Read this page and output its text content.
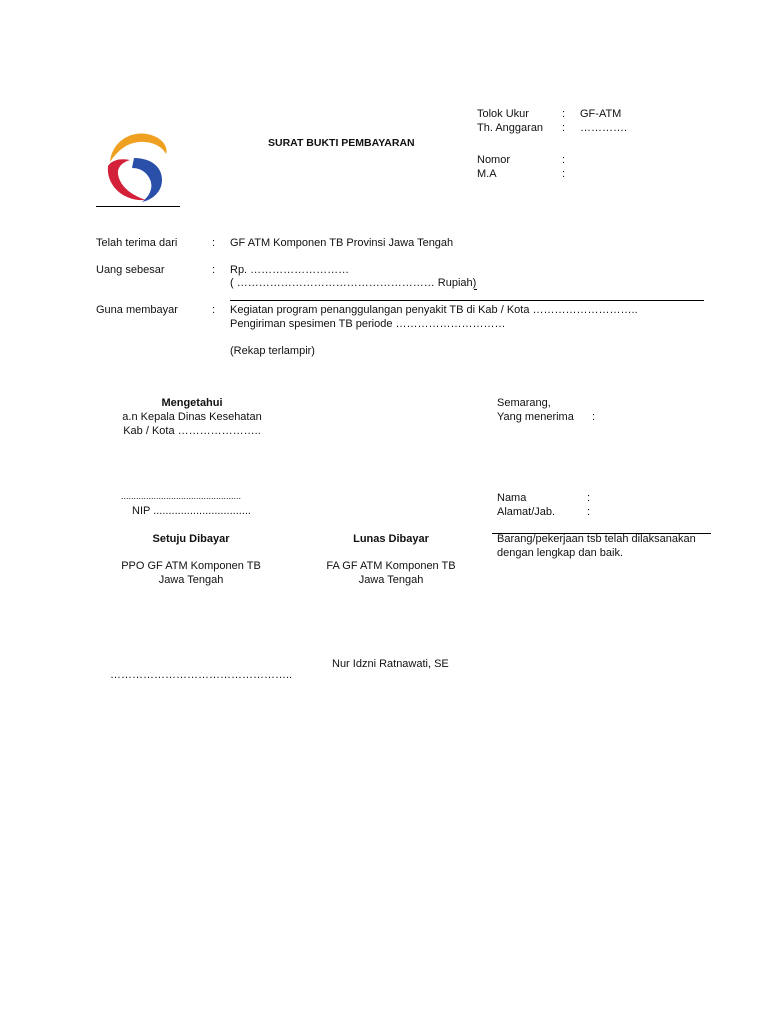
SURAT BUKTI PEMBAYARAN
Tolok Ukur	: GF-ATM
Th. Anggaran : ………….
Nomor	:
M.A	:
Telah terima dari	: GF ATM Komponen TB Provinsi Jawa Tengah
Uang sebesar	: Rp. ………………………
( ……………………………………………… Rupiah)
Guna membayar	: Kegiatan program penanggulangan penyakit TB di Kab / Kota ………………………..
Pengiriman spesimen TB periode …………………………
(Rekap terlampir)
Mengetahui
a.n Kepala Dinas Kesehatan
Kab / Kota …………………..
................................................
NIP ................................
Semarang,
Yang menerima :
Nama	:
Alamat/Jab.	:
Barang/pekerjaan tsb telah dilaksanakan
dengan lengkap dan baik.
Setuju Dibayar
PPO GF ATM Komponen TB
Jawa Tengah
…………………………………………..
Lunas Dibayar
FA GF ATM Komponen TB
Jawa Tengah
Nur Idzni Ratnawati, SE
